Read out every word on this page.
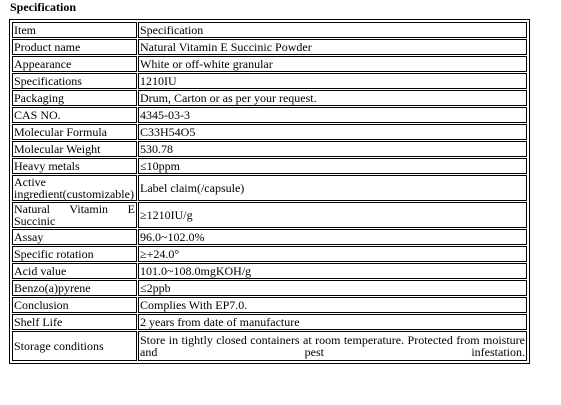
Specification
Item	Specification
Product name	Natural Vitamin E Succinic Powder
Appearance	White or off-white granular
Specifications	1210IU
Packaging	Drum, Carton or as per your request.
CAS NO.	4345-03-3
Molecular Formula	C33H54O5
Molecular Weight	530.78
Heavy metals	≤10ppm
Active ingredient(customizable)	Label claim(/capsule)
Natural Vitamin E Succinic	≥1210IU/g
Assay	96.0~102.0%
Specific rotation	≥+24.0°
Acid value	101.0~108.0mgKOH/g
Benzo(a)pyrene	≤2ppb
Conclusion	Complies With EP7.0.
Shelf Life	2 years from date of manufacture
Storage conditions	Store in tightly closed containers at room temperature. Protected from moisture and pest infestation.
